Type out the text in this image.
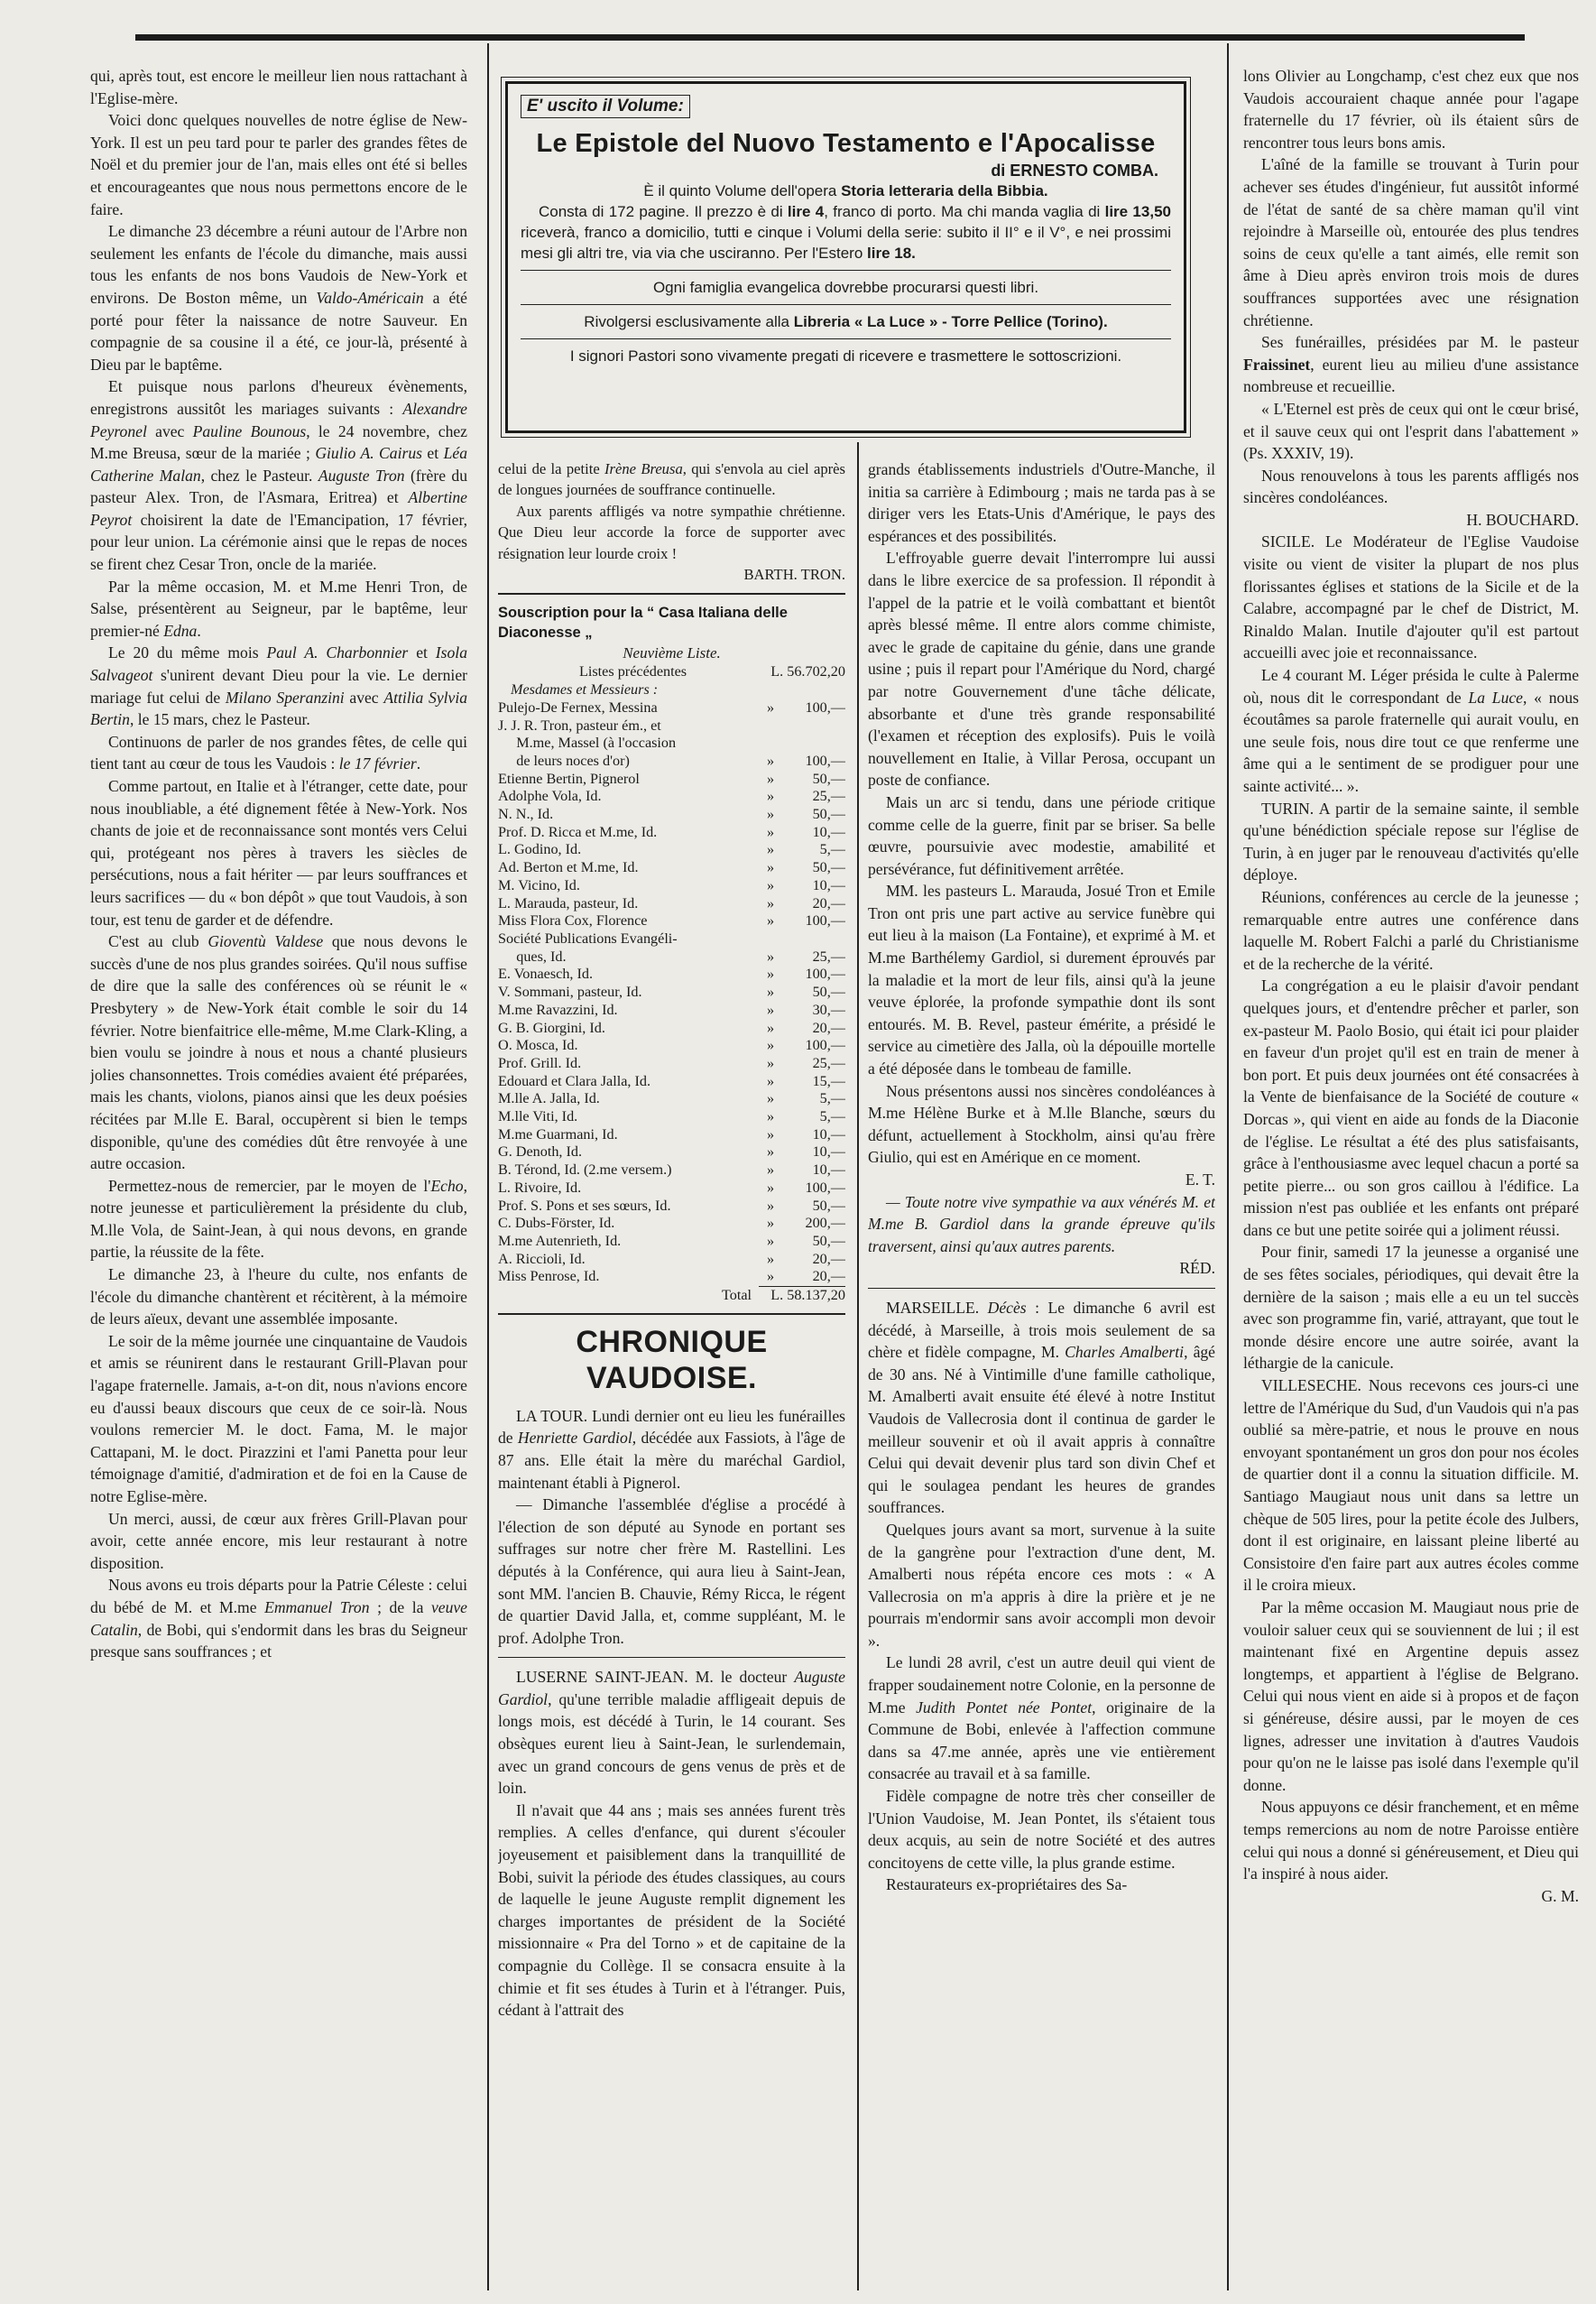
E' uscito il Volume:
Le Epistole del Nuovo Testamento e l'Apocalisse
di ERNESTO COMBA.

È il quinto Volume dell'opera Storia letteraria della Bibbia.

Consta di 172 pagine. Il prezzo è di lire 4, franco di porto. Ma chi manda vaglia di lire 13,50 riceverà, franco a domicilio, tutti e cinque i Volumi della serie: subito il II° e il V°, e nei prossimi mesi gli altri tre, via via che usciranno. Per l'Estero lire 18.

Ogni famiglia evangelica dovrebbe procurarsi questi libri.

Rivolgersi esclusivamente alla Libreria « La Luce » - Torre Pellice (Torino).

I signori Pastori sono vivamente pregati di ricevere e trasmettere le sottoscrizioni.

qui, après tout, est encore le meilleur lien nous rattachant à l'Eglise-mère.

Voici donc quelques nouvelles de notre église de New-York. Il est un peu tard pour te parler des grandes fêtes de Noël et du premier jour de l'an, mais elles ont été si belles et encourageantes que nous nous permettons encore de le faire.

Le dimanche 23 décembre a réuni autour de l'Arbre non seulement les enfants de l'école du dimanche, mais aussi tous les enfants de nos bons Vaudois de New-York et environs. De Boston même, un Valdo-Américain a été porté pour fêter la naissance de notre Sauveur. En compagnie de sa cousine il a été, ce jour-là, présenté à Dieu par le baptême.

Et puisque nous parlons d'heureux évènements, enregistrons aussitôt les mariages suivants : Alexandre Peyronel avec Pauline Bounous, le 24 novembre, chez M.me Breusa, sœur de la mariée ; Giulio A. Cairus et Léa Catherine Malan, chez le Pasteur. Auguste Tron (frère du pasteur Alex. Tron, de l'Asmara, Eritrea) et Albertine Peyrot choisirent la date de l'Emancipation, 17 février, pour leur union. La cérémonie ainsi que le repas de noces se firent chez Cesar Tron, oncle de la mariée.

Par la même occasion, M. et M.me Henri Tron, de Salse, présentèrent au Seigneur, par le baptême, leur premier-né Edna.

Le 20 du même mois Paul A. Charbonnier et Isola Salvageot s'unirent devant Dieu pour la vie. Le dernier mariage fut celui de Milano Speranzini avec Attilia Sylvia Bertin, le 15 mars, chez le Pasteur.

Continuons de parler de nos grandes fêtes, de celle qui tient tant au cœur de tous les Vaudois : le 17 février.

Comme partout, en Italie et à l'étranger, cette date, pour nous inoubliable, a été dignement fêtée à New-York. Nos chants de joie et de reconnaissance sont montés vers Celui qui, protégeant nos pères à travers les siècles de persécutions, nous a fait hériter — par leurs souffrances et leurs sacrifices — du « bon dépôt » que tout Vaudois, à son tour, est tenu de garder et de défendre.

C'est au club Gioventù Valdese que nous devons le succès d'une de nos plus grandes soirées. Qu'il nous suffise de dire que la salle des conférences où se réunit le « Presbytery » de New-York était comble le soir du 14 février. Notre bienfaitrice elle-même, M.me Clark-Kling, a bien voulu se joindre à nous et nous a chanté plusieurs jolies chansonnettes. Trois comédies avaient été préparées, mais les chants, violons, pianos ainsi que les deux poésies récitées par M.lle E. Baral, occupèrent si bien le temps disponible, qu'une des comédies dût être renvoyée à une autre occasion.

Permettez-nous de remercier, par le moyen de l'Echo, notre jeunesse et particulièrement la présidente du club, M.lle Vola, de Saint-Jean, à qui nous devons, en grande partie, la réussite de la fête.

Le dimanche 23, à l'heure du culte, nos enfants de l'école du dimanche chantèrent et récitèrent, à la mémoire de leurs aïeux, devant une assemblée imposante.

Le soir de la même journée une cinquantaine de Vaudois et amis se réunirent dans le restaurant Grill-Plavan pour l'agape fraternelle. Jamais, a-t-on dit, nous n'avions encore eu d'aussi beaux discours que ceux de ce soir-là. Nous voulons remercier M. le doct. Fama, M. le major Cattapani, M. le doct. Pirazzini et l'ami Panetta pour leur témoignage d'amitié, d'admiration et de foi en la Cause de notre Eglise-mère.

Un merci, aussi, de cœur aux frères Grill-Plavan pour avoir, cette année encore, mis leur restaurant à notre disposition.

Nous avons eu trois départs pour la Patrie Céleste : celui du bébé de M. et M.me Emmanuel Tron ; de la veuve Catalin, de Bobi, qui s'endormit dans les bras du Seigneur presque sans souffrances ; et

celui de la petite Irène Breusa, qui s'envola au ciel après de longues journées de souffrance continuelle.

Aux parents affligés va notre sympathie chrétienne. Que Dieu leur accorde la force de supporter avec résignation leur lourde croix !

BARTH. TRON.

Souscription pour la “ Casa Italiana delle Diaconesse „
Neuvième Liste.
Listes précédentes		L. 56.702,20
Mesdames et Messieurs :
Pulejo-De Fernex, Messina	»	100,—
J. J. R. Tron, pasteur ém., et		
M.me, Massel (à l'occasion		
de leurs noces d'or)	»	100,—
Etienne Bertin, Pignerol	»	50,—
Adolphe Vola, Id.	»	25,—
N. N., Id.	»	50,—
Prof. D. Ricca et M.me, Id.	»	10,—
L. Godino, Id.	»	5,—
Ad. Berton et M.me, Id.	»	50,—
M. Vicino, Id.	»	10,—
L. Marauda, pasteur, Id.	»	20,—
Miss Flora Cox, Florence	»	100,—
Société Publications Evangéli-		
ques, Id.	»	25,—
E. Vonaesch, Id.	»	100,—
V. Sommani, pasteur, Id.	»	50,—
M.me Ravazzini, Id.	»	30,—
G. B. Giorgini, Id.	»	20,—
O. Mosca, Id.	»	100,—
Prof. Grill. Id.	»	25,—
Edouard et Clara Jalla, Id.	»	15,—
M.lle A. Jalla, Id.	»	5,—
M.lle Viti, Id.	»	5,—
M.me Guarmani, Id.	»	10,—
G. Denoth, Id.	»	10,—
B. Térond, Id. (2.me versem.)	»	10,—
L. Rivoire, Id.	»	100,—
Prof. S. Pons et ses sœurs, Id.	»	50,—
C. Dubs-Förster, Id.	»	200,—
M.me Autenrieth, Id.	»	50,—
A. Riccioli, Id.	»	20,—
Miss Penrose, Id.	»	20,—
Total	L. 58.137,20
CHRONIQUE VAUDOISE.

LA TOUR. Lundi dernier ont eu lieu les funérailles de Henriette Gardiol, décédée aux Fassiots, à l'âge de 87 ans. Elle était la mère du maréchal Gardiol, maintenant établi à Pignerol.

— Dimanche l'assemblée d'église a procédé à l'élection de son député au Synode en portant ses suffrages sur notre cher frère M. Rastellini. Les députés à la Conférence, qui aura lieu à Saint-Jean, sont MM. l'ancien B. Chauvie, Rémy Ricca, le régent de quartier David Jalla, et, comme suppléant, M. le prof. Adolphe Tron.

LUSERNE SAINT-JEAN. M. le docteur Auguste Gardiol, qu'une terrible maladie affligeait depuis de longs mois, est décédé à Turin, le 14 courant. Ses obsèques eurent lieu à Saint-Jean, le surlendemain, avec un grand concours de gens venus de près et de loin.

Il n'avait que 44 ans ; mais ses années furent très remplies. A celles d'enfance, qui durent s'écouler joyeusement et paisiblement dans la tranquillité de Bobi, suivit la période des études classiques, au cours de laquelle le jeune Auguste remplit dignement les charges importantes de président de la Société missionnaire « Pra del Torno » et de capitaine de la compagnie du Collège. Il se consacra ensuite à la chimie et fit ses études à Turin et à l'étranger. Puis, cédant à l'attrait des

grands établissements industriels d'Outre-Manche, il initia sa carrière à Edimbourg ; mais ne tarda pas à se diriger vers les Etats-Unis d'Amérique, le pays des espérances et des possibilités.

L'effroyable guerre devait l'interrompre lui aussi dans le libre exercice de sa profession. Il répondit à l'appel de la patrie et le voilà combattant et bientôt après blessé même. Il entre alors comme chimiste, avec le grade de capitaine du génie, dans une grande usine ; puis il repart pour l'Amérique du Nord, chargé par notre Gouvernement d'une tâche délicate, absorbante et d'une très grande responsabilité (l'examen et réception des explosifs). Puis le voilà nouvellement en Italie, à Villar Perosa, occupant un poste de confiance.

Mais un arc si tendu, dans une période critique comme celle de la guerre, finit par se briser. Sa belle œuvre, poursuivie avec modestie, amabilité et persévérance, fut définitivement arrêtée.

MM. les pasteurs L. Marauda, Josué Tron et Emile Tron ont pris une part active au service funèbre qui eut lieu à la maison (La Fontaine), et exprimé à M. et M.me Barthélemy Gardiol, si durement éprouvés par la maladie et la mort de leur fils, ainsi qu'à la jeune veuve éplorée, la profonde sympathie dont ils sont entourés. M. B. Revel, pasteur émérite, a présidé le service au cimetière des Jalla, où la dépouille mortelle a été déposée dans le tombeau de famille.

Nous présentons aussi nos sincères condoléances à M.me Hélène Burke et à M.lle Blanche, sœurs du défunt, actuellement à Stockholm, ainsi qu'au frère Giulio, qui est en Amérique en ce moment.

E. T.

— Toute notre vive sympathie va aux vénérés M. et M.me B. Gardiol dans la grande épreuve qu'ils traversent, ainsi qu'aux autres parents.

RÉD.

MARSEILLE. Décès : Le dimanche 6 avril est décédé, à Marseille, à trois mois seulement de sa chère et fidèle compagne, M. Charles Amalberti, âgé de 30 ans. Né à Vintimille d'une famille catholique, M. Amalberti avait ensuite été élevé à notre Institut Vaudois de Vallecrosia dont il continua de garder le meilleur souvenir et où il avait appris à connaître Celui qui devait devenir plus tard son divin Chef et qui le soulagea pendant les heures de grandes souffrances.

Quelques jours avant sa mort, survenue à la suite de la gangrène pour l'extraction d'une dent, M. Amalberti nous répéta encore ces mots : « A Vallecrosia on m'a appris à dire la prière et je ne pourrais m'endormir sans avoir accompli mon devoir ».

Le lundi 28 avril, c'est un autre deuil qui vient de frapper soudainement notre Colonie, en la personne de M.me Judith Pontet née Pontet, originaire de la Commune de Bobi, enlevée à l'affection commune dans sa 47.me année, après une vie entièrement consacrée au travail et à sa famille.

Fidèle compagne de notre très cher conseiller de l'Union Vaudoise, M. Jean Pontet, ils s'étaient tous deux acquis, au sein de notre Société et des autres concitoyens de cette ville, la plus grande estime.

Restaurateurs ex-propriétaires des Sa-

lons Olivier au Longchamp, c'est chez eux que nos Vaudois accouraient chaque année pour l'agape fraternelle du 17 février, où ils étaient sûrs de rencontrer tous leurs bons amis.

L'aîné de la famille se trouvant à Turin pour achever ses études d'ingénieur, fut aussitôt informé de l'état de santé de sa chère maman qu'il vint rejoindre à Marseille où, entourée des plus tendres soins de ceux qu'elle a tant aimés, elle remit son âme à Dieu après environ trois mois de dures souffrances supportées avec une résignation chrétienne.

Ses funérailles, présidées par M. le pasteur Fraissinet, eurent lieu au milieu d'une assistance nombreuse et recueillie.

« L'Eternel est près de ceux qui ont le cœur brisé, et il sauve ceux qui ont l'esprit dans l'abattement » (Ps. XXXIV, 19).

Nous renouvelons à tous les parents affligés nos sincères condoléances.

H. BOUCHARD.

SICILE. Le Modérateur de l'Eglise Vaudoise visite ou vient de visiter la plupart de nos plus florissantes églises et stations de la Sicile et de la Calabre, accompagné par le chef de District, M. Rinaldo Malan. Inutile d'ajouter qu'il est partout accueilli avec joie et reconnaissance.

Le 4 courant M. Léger présida le culte à Palerme où, nous dit le correspondant de La Luce, « nous écoutâmes sa parole fraternelle qui aurait voulu, en une seule fois, nous dire tout ce que renferme une âme qui a le sentiment de se prodiguer pour une sainte activité... ».

TURIN. A partir de la semaine sainte, il semble qu'une bénédiction spéciale repose sur l'église de Turin, à en juger par le renouveau d'activités qu'elle déploye.

Réunions, conférences au cercle de la jeunesse ; remarquable entre autres une conférence dans laquelle M. Robert Falchi a parlé du Christianisme et de la recherche de la vérité.

La congrégation a eu le plaisir d'avoir pendant quelques jours, et d'entendre prêcher et parler, son ex-pasteur M. Paolo Bosio, qui était ici pour plaider en faveur d'un projet qu'il est en train de mener à bon port. Et puis deux journées ont été consacrées à la Vente de bienfaisance de la Société de couture « Dorcas », qui vient en aide au fonds de la Diaconie de l'église. Le résultat a été des plus satisfaisants, grâce à l'enthousiasme avec lequel chacun a porté sa petite pierre... ou son gros caillou à l'édifice. La mission n'est pas oubliée et les enfants ont préparé dans ce but une petite soirée qui a joliment réussi.

Pour finir, samedi 17 la jeunesse a organisé une de ses fêtes sociales, périodiques, qui devait être la dernière de la saison ; mais elle a eu un tel succès avec son programme fin, varié, attrayant, que tout le monde désire encore une autre soirée, avant la léthargie de la canicule.

VILLESECHE. Nous recevons ces jours-ci une lettre de l'Amérique du Sud, d'un Vaudois qui n'a pas oublié sa mère-patrie, et nous le prouve en nous envoyant spontanément un gros don pour nos écoles de quartier dont il a connu la situation difficile. M. Santiago Maugiaut nous unit dans sa lettre un chèque de 505 lires, pour la petite école des Julbers, dont il est originaire, en laissant pleine liberté au Consistoire d'en faire part aux autres écoles comme il le croira mieux.

Par la même occasion M. Maugiaut nous prie de vouloir saluer ceux qui se souviennent de lui ; il est maintenant fixé en Argentine depuis assez longtemps, et appartient à l'église de Belgrano. Celui qui nous vient en aide si à propos et de façon si généreuse, désire aussi, par le moyen de ces lignes, adresser une invitation à d'autres Vaudois pour qu'on ne le laisse pas isolé dans l'exemple qu'il donne.

Nous appuyons ce désir franchement, et en même temps remercions au nom de notre Paroisse entière celui qui nous a donné si généreusement, et Dieu qui l'a inspiré à nous aider.

G. M.
